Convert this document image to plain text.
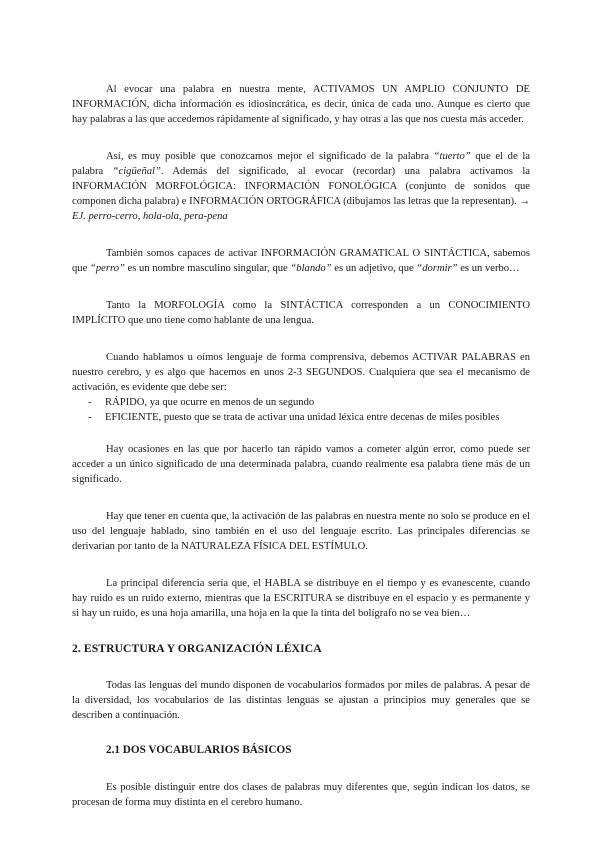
Al evocar una palabra en nuestra mente, ACTIVAMOS UN AMPLIO CONJUNTO DE INFORMACIÓN, dicha información es idiosincrática, es decir, única de cada uno. Aunque es cierto que hay palabras a las que accedemos rápidamente al significado, y hay otras a las que nos cuesta más acceder.

Así, es muy posible que conozcamos mejor el significado de la palabra “tuerto” que el de la palabra “cigüeñal”. Además del significado, al evocar (recordar) una palabra activamos la INFORMACIÓN MORFOLÓGICA: INFORMACIÓN FONOLÓGICA (conjunto de sonidos que componen dicha palabra) e INFORMACIÓN ORTOGRÁFICA (dibujamos las letras que la representan). → EJ. perro-cerro, hola-ola, pera-pena

También somos capaces de activar INFORMACIÓN GRAMATICAL O SINTÁCTICA, sabemos que “perro” es un nombre masculino singular, que “blando” es un adjetivo, que “dormir” es un verbo…

Tanto la MORFOLOGÍA como la SINTÁCTICA corresponden a un CONOCIMIENTO IMPLÍCITO que uno tiene como hablante de una lengua.

Cuando hablamos u oímos lenguaje de forma comprensiva, debemos ACTIVAR PALABRAS en nuestro cerebro, y es algo que hacemos en unos 2-3 SEGUNDOS. Cualquiera que sea el mecanismo de activación, es evidente que debe ser:

- RÁPIDO, ya que ocurre en menos de un segundo
- EFICIENTE, puesto que se trata de activar una unidad léxica entre decenas de miles posibles

Hay ocasiones en las que por hacerlo tan rápido vamos a cometer algún error, como puede ser acceder a un único significado de una determinada palabra, cuando realmente esa palabra tiene más de un significado.

Hay que tener en cuenta que, la activación de las palabras en nuestra mente no solo se produce en el uso del lenguaje hablado, sino también en el uso del lenguaje escrito. Las principales diferencias se derivarían por tanto de la NATURALEZA FÍSICA DEL ESTÍMULO.

La principal diferencia sería que, el HABLA se distribuye en el tiempo y es evanescente, cuando hay ruido es un ruido externo, mientras que la ESCRITURA se distribuye en el espacio y es permanente y si hay un ruido, es una hoja amarilla, una hoja en la que la tinta del bolígrafo no se vea bien…

2. ESTRUCTURA Y ORGANIZACIÓN LÉXICA

Todas las lenguas del mundo disponen de vocabularios formados por miles de palabras. A pesar de la diversidad, los vocabularios de las distintas lenguas se ajustan a principios muy generales que se describen a continuación.

2.1 DOS VOCABULARIOS BÁSICOS

Es posible distinguir entre dos clases de palabras muy diferentes que, según indican los datos, se procesan de forma muy distinta en el cerebro humano.
